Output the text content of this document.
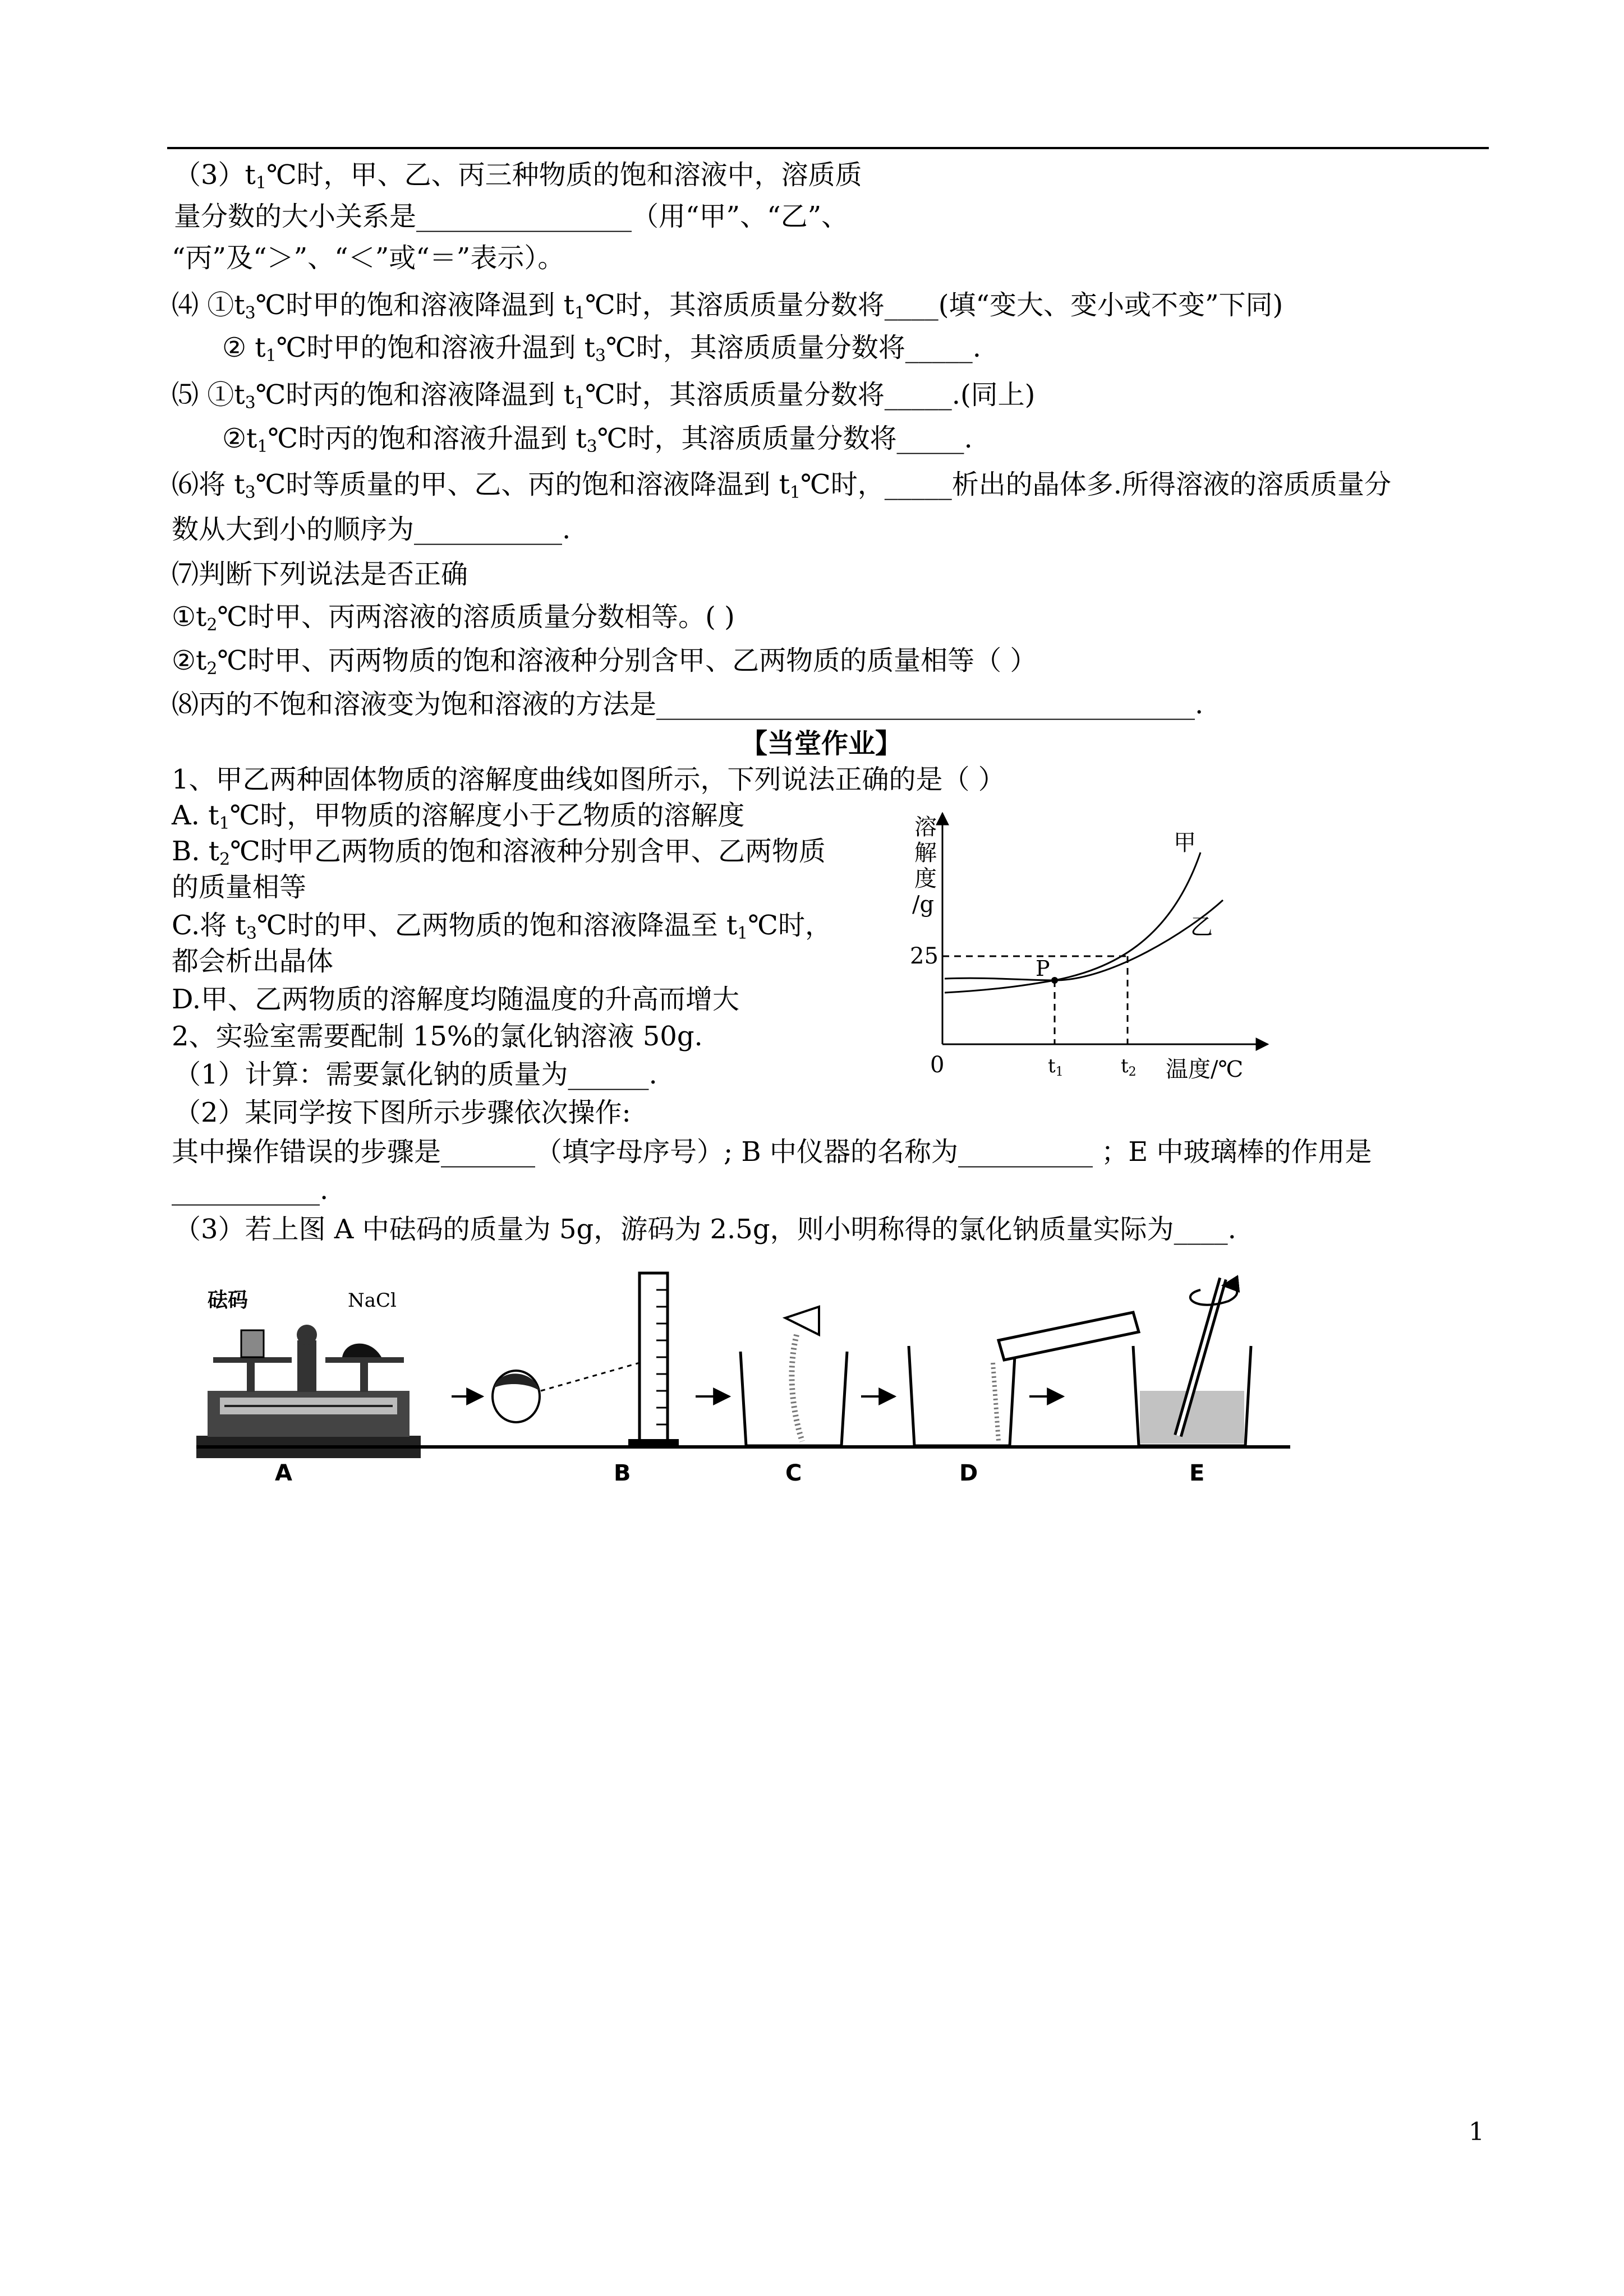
$(3)t_1℃$时，甲、乙、丙三种物质的饱和溶液中，溶质质
量分数的大小关系是________________（用“甲”、“乙”、
“丙”及“＞”、“＜”或“＝”表示）。
⑷ $①t_3℃$时甲的饱和溶液降温到 $t_1℃$时，其溶质质量分数将____(填“变大、变小或不变”下同)
② $t_1℃$时甲的饱和溶液升温到 $t_3℃$时，其溶质质量分数将_____.
⑸ $①t_3℃$时丙的饱和溶液降温到 $t_1℃$时，其溶质质量分数将_____.(同上)
$②t_1℃$时丙的饱和溶液升温到 $t_3℃$时，其溶质质量分数将_____.
⑹将 $t_3℃$时等质量的甲、乙、丙的饱和溶液降温到 $t_1℃$时，_____析出的晶体多.所得溶液的溶质质量分
数从大到小的顺序为___________.
⑺判断下列说法是否正确
$①t_2℃$时甲、丙两溶液的溶质质量分数相等。( )
$②t_2℃$时甲、丙两物质的饱和溶液种分别含甲、乙两物质的质量相等（ ）
⑻丙的不饱和溶液变为饱和溶液的方法是________________________________________.
【当堂作业】
1、甲乙两种固体物质的溶解度曲线如图所示，下列说法正确的是（ ）
A. $t_1℃$时，甲物质的溶解度小于乙物质的溶解度
B. $t_2℃$时甲乙两物质的饱和溶液种分别含甲、乙两物质
的质量相等
C.将 $t_3℃$时的甲、乙两物质的饱和溶液降温至 $t_1℃$时，
都会析出晶体
D.甲、乙两物质的溶解度均随温度的升高而增大
2、实验室需要配制 15%的氯化钠溶液 50g.
（1）计算：需要氯化钠的质量为______.
（2）某同学按下图所示步骤依次操作:
其中操作错误的步骤是_______（填字母序号）; B 中仪器的名称为__________ ；E 中玻璃棒的作用是
___________.
（3）若上图 A 中砝码的质量为 5g，游码为 2.5g，则小明称得的氯化钠质量实际为____.
溶
解
度
/g
25
0	t1	t2 温度/℃
P
甲
乙
砝码	NaCl
A	B	C	D	E
1
